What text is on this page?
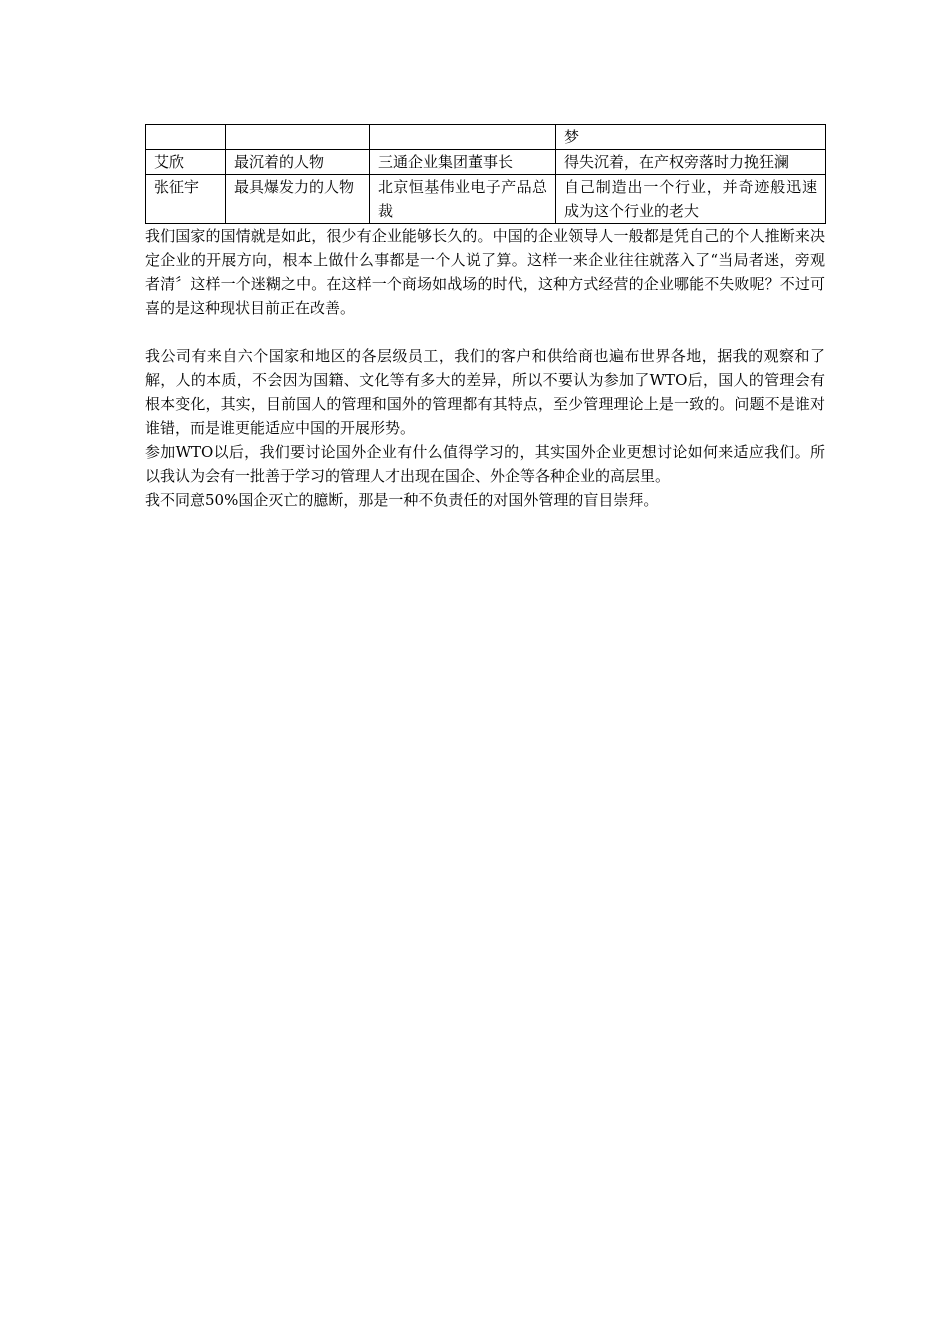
			梦
艾欣	最沉着的人物	三通企业集团董事长	得失沉着，在产权旁落时力挽狂澜
张征宇	最具爆发力的人物	北京恒基伟业电子产品总裁	自己制造出一个行业，并奇迹般迅速成为这个行业的老大

我们国家的国情就是如此，很少有企业能够长久的。中国的企业领导人一般都是凭自己的个人推断来决定企业的开展方向，根本上做什么事都是一个人说了算。这样一来企业往往就落入了“当局者迷，旁观者清〞这样一个迷糊之中。在这样一个商场如战场的时代，这种方式经营的企业哪能不失败呢？不过可喜的是这种现状目前正在改善。

我公司有来自六个国家和地区的各层级员工，我们的客户和供给商也遍布世界各地，据我的观察和了解，人的本质，不会因为国籍、文化等有多大的差异，所以不要认为参加了WTO后，国人的管理会有根本变化，其实，目前国人的管理和国外的管理都有其特点，至少管理理论上是一致的。问题不是谁对谁错，而是谁更能适应中国的开展形势。

参加WTO以后，我们要讨论国外企业有什么值得学习的，其实国外企业更想讨论如何来适应我们。所以我认为会有一批善于学习的管理人才出现在国企、外企等各种企业的高层里。

我不同意50%国企灭亡的臆断，那是一种不负责任的对国外管理的盲目崇拜。
